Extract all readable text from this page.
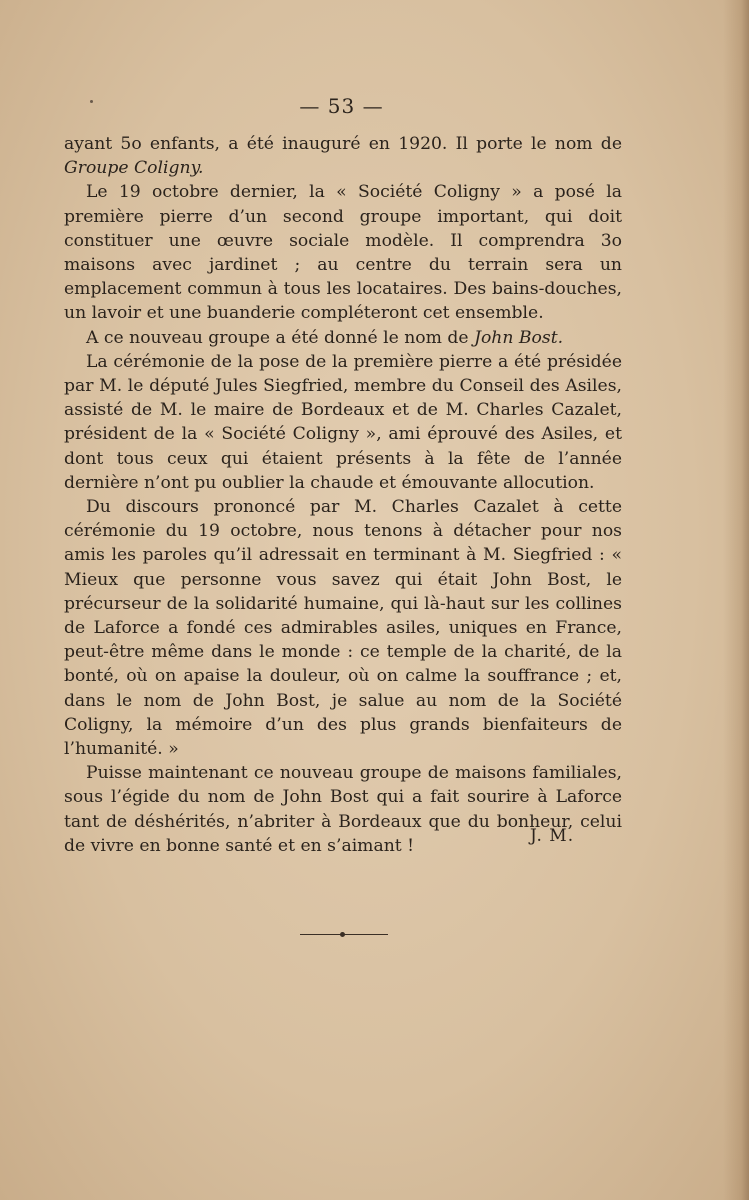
— 53 —

ayant 5o enfants, a été inauguré en 1920. Il porte le nom de Groupe Coligny.

Le 19 octobre dernier, la « Société Coligny » a posé la première pierre d’un second groupe important, qui doit constituer une œuvre sociale modèle. Il comprendra 3o maisons avec jardinet ; au centre du terrain sera un emplacement commun à tous les locataires. Des bains-douches, un lavoir et une buanderie compléteront cet ensemble.

A ce nouveau groupe a été donné le nom de John Bost.

La cérémonie de la pose de la première pierre a été présidée par M. le député Jules Siegfried, membre du Conseil des Asiles, assisté de M. le maire de Bordeaux et de M. Charles Cazalet, président de la « Société Coligny », ami éprouvé des Asiles, et dont tous ceux qui étaient présents à la fête de l’année dernière n’ont pu oublier la chaude et émouvante allocution.

Du discours prononcé par M. Charles Cazalet à cette cérémonie du 19 octobre, nous tenons à détacher pour nos amis les paroles qu’il adressait en terminant à M. Siegfried : « Mieux que personne vous savez qui était John Bost, le précurseur de la solidarité humaine, qui là-haut sur les collines de Laforce a fondé ces admirables asiles, uniques en France, peut-être même dans le monde : ce temple de la charité, de la bonté, où on apaise la douleur, où on calme la souffrance ; et, dans le nom de John Bost, je salue au nom de la Société Coligny, la mémoire d’un des plus grands bienfaiteurs de l’humanité. »

Puisse maintenant ce nouveau groupe de maisons familiales, sous l’égide du nom de John Bost qui a fait sourire à Laforce tant de déshérités, n’abriter à Bordeaux que du bonheur, celui de vivre en bonne santé et en s’aimant !	J. M.
